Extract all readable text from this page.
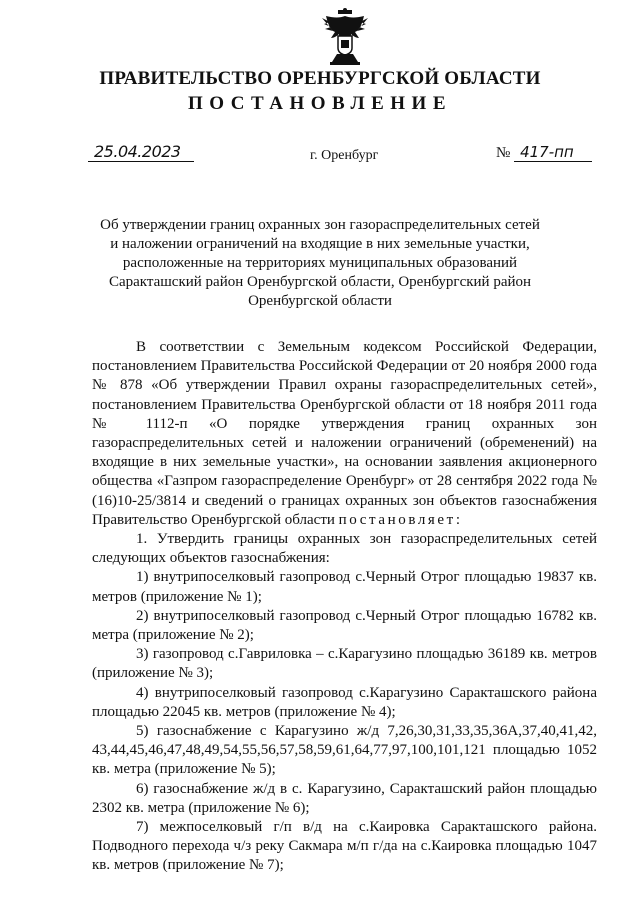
ПРАВИТЕЛЬСТВО ОРЕНБУРГСКОЙ ОБЛАСТИ
ПОСТАНОВЛЕНИЕ
25.04.2023	г. Оренбург	№ 417-пп
Об утверждении границ охранных зон газораспределительных сетей и наложении ограничений на входящие в них земельные участки, расположенные на территориях муниципальных образований Саракташский район Оренбургской области, Оренбургский район Оренбургской области

В соответствии с Земельным кодексом Российской Федерации, постановлением Правительства Российской Федерации от 20 ноября 2000 года № 878 «Об утверждении Правил охраны газораспределительных сетей», постановлением Правительства Оренбургской области от 18 ноября 2011 года № 1112-п «О порядке утверждения границ охранных зон газораспределительных сетей и наложении ограничений (обременений) на входящие в них земельные участки», на основании заявления акционерного общества «Газпром газораспределение Оренбург» от 28 сентября 2022 года № (16)10-25/3814 и сведений о границах охранных зон объектов газоснабжения Правительство Оренбургской области постановляет:

1. Утвердить границы охранных зон газораспределительных сетей следующих объектов газоснабжения:

1) внутрипоселковый газопровод с.Черный Отрог площадью 19837 кв. метров (приложение № 1);

2) внутрипоселковый газопровод с.Черный Отрог площадью 16782 кв. метра (приложение № 2);

3) газопровод с.Гавриловка – с.Карагузино площадью 36189 кв. метров (приложение № 3);

4) внутрипоселковый газопровод с.Карагузино Саракташского района площадью 22045 кв. метров (приложение № 4);

5) газоснабжение с Карагузино ж/д 7,26,30,31,33,35,36А,37,40,41,42, 43,44,45,46,47,48,49,54,55,56,57,58,59,61,64,77,97,100,101,121 площадью 1052 кв. метра (приложение № 5);

6) газоснабжение ж/д в с. Карагузино, Саракташский район площадью 2302 кв. метра (приложение № 6);

7) межпоселковый г/п в/д на с.Каировка Саракташского района. Подводного перехода ч/з реку Сакмара м/п г/да на с.Каировка площадью 1047 кв. метров (приложение № 7);
